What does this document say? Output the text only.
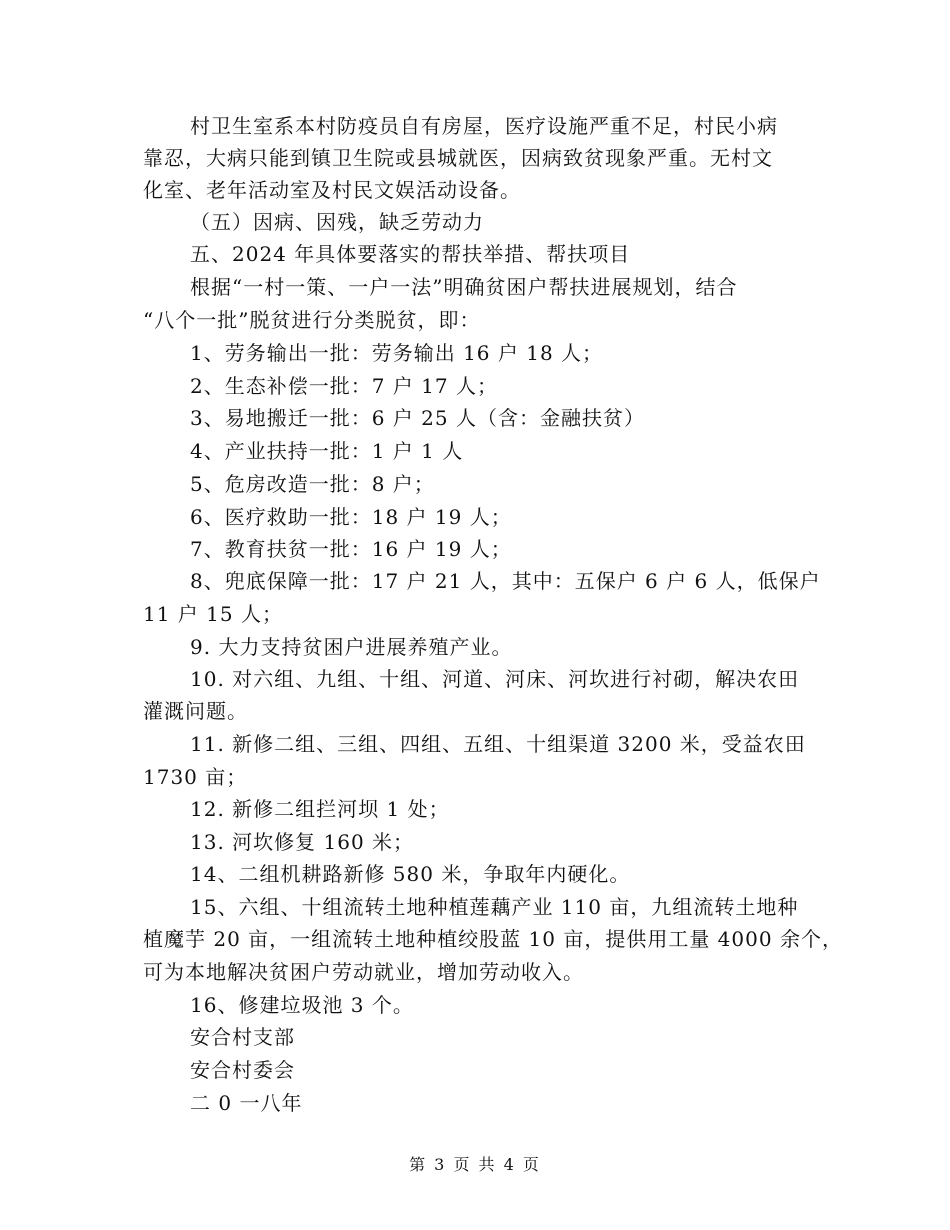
村卫生室系本村防疫员自有房屋，医疗设施严重不足，村民小病
靠忍，大病只能到镇卫生院或县城就医，因病致贫现象严重。无村文
化室、老年活动室及村民文娱活动设备。
（五）因病、因残，缺乏劳动力
五、2024 年具体要落实的帮扶举措、帮扶项目
根据“一村一策、一户一法”明确贫困户帮扶进展规划，结合
“八个一批”脱贫进行分类脱贫，即：
1、劳务输出一批：劳务输出 16 户 18 人；
2、生态补偿一批：7 户 17 人；
3、易地搬迁一批：6 户 25 人（含：金融扶贫）
4、产业扶持一批：1 户 1 人
5、危房改造一批：8 户；
6、医疗救助一批：18 户 19 人；
7、教育扶贫一批：16 户 19 人；
8、兜底保障一批：17 户 21 人，其中：五保户 6 户 6 人，低保户
11 户 15 人；
9. 大力支持贫困户进展养殖产业。
10. 对六组、九组、十组、河道、河床、河坎进行衬砌，解决农田
灌溉问题。
11. 新修二组、三组、四组、五组、十组渠道 3200 米，受益农田
1730 亩；
12. 新修二组拦河坝 1 处；
13. 河坎修复 160 米；
14、二组机耕路新修 580 米，争取年内硬化。
15、六组、十组流转土地种植莲藕产业 110 亩，九组流转土地种
植魔芋 20 亩，一组流转土地种植绞股蓝 10 亩，提供用工量 4000 余个，
可为本地解决贫困户劳动就业，增加劳动收入。
16、修建垃圾池 3 个。
安合村支部
安合村委会
二 0 一八年
第 3 页 共 4 页
